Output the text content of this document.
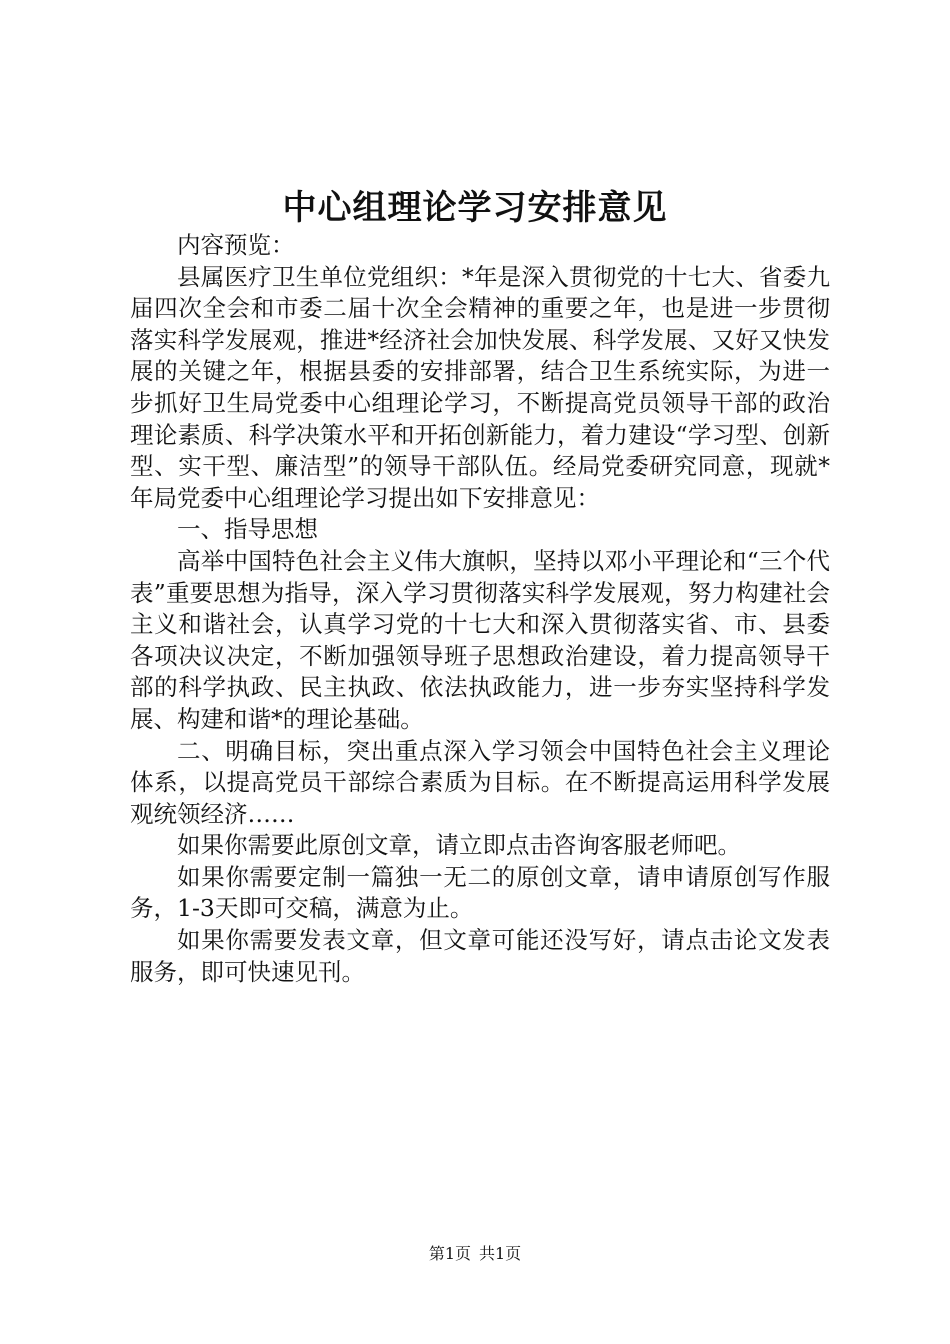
中心组理论学习安排意见

内容预览：

县属医疗卫生单位党组织：*年是深入贯彻党的十七大、省委九届四次全会和市委二届十次全会精神的重要之年，也是进一步贯彻落实科学发展观，推进*经济社会加快发展、科学发展、又好又快发展的关键之年，根据县委的安排部署，结合卫生系统实际，为进一步抓好卫生局党委中心组理论学习，不断提高党员领导干部的政治理论素质、科学决策水平和开拓创新能力，着力建设“学习型、创新型、实干型、廉洁型”的领导干部队伍。经局党委研究同意，现就*年局党委中心组理论学习提出如下安排意见：

一、指导思想

高举中国特色社会主义伟大旗帜，坚持以邓小平理论和“三个代表”重要思想为指导，深入学习贯彻落实科学发展观，努力构建社会主义和谐社会，认真学习党的十七大和深入贯彻落实省、市、县委各项决议决定，不断加强领导班子思想政治建设，着力提高领导干部的科学执政、民主执政、依法执政能力，进一步夯实坚持科学发展、构建和谐*的理论基础。

二、明确目标，突出重点深入学习领会中国特色社会主义理论体系，以提高党员干部综合素质为目标。在不断提高运用科学发展观统领经济……

如果你需要此原创文章，请立即点击咨询客服老师吧。

如果你需要定制一篇独一无二的原创文章，请申请原创写作服务，1-3天即可交稿，满意为止。

如果你需要发表文章，但文章可能还没写好，请点击论文发表服务，即可快速见刊。

第1页 共1页
